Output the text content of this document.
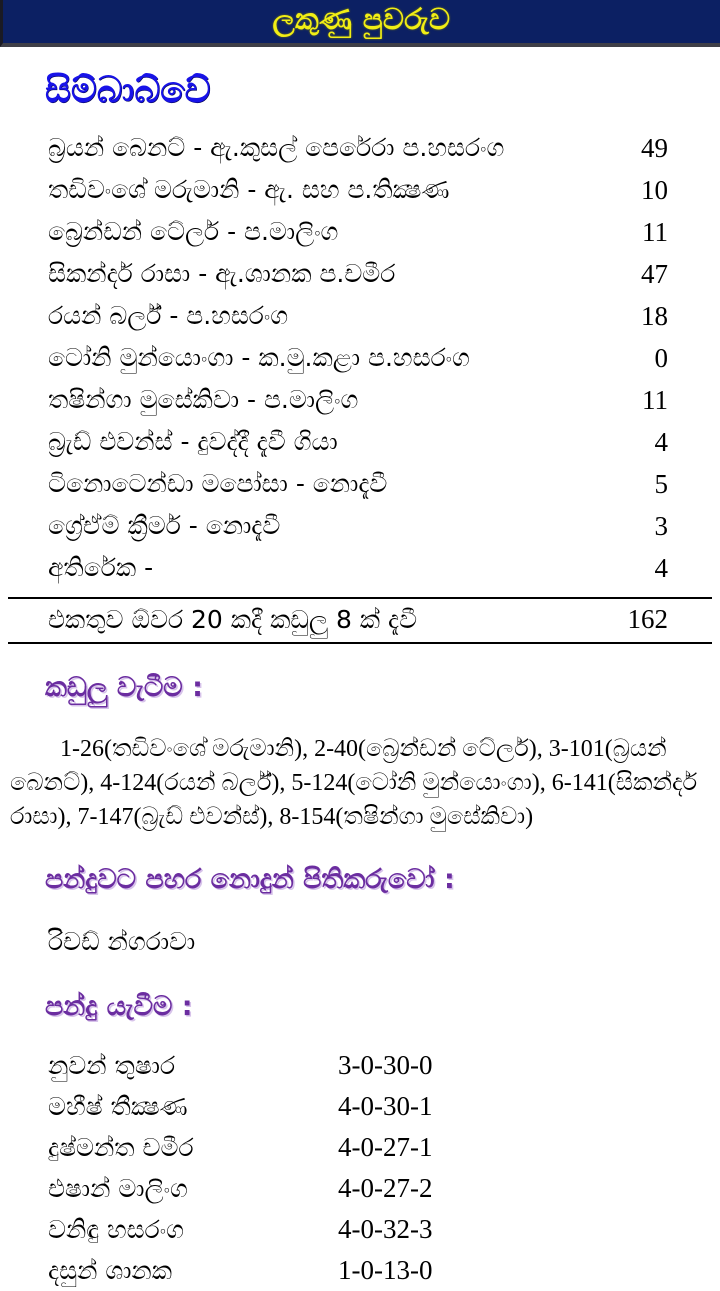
ලකුණු පුවරුව
සිම්බාබ්වේ
බ්‍රයන් බෙනට් - ඇ.කුසල් පෙරේරා ප.හසරංග	49
තඩිවංශේ මරුමානි - ඇ. සහ ප.තික්‍ෂණ	10
බ්‍රෙන්ඩන් ටේලර් - ප.මාලිංග	11
සිකන්දර් රාසා - ඇ.ශානක ප.චමීර	47
රයන් බර්ල් - ප.හසරංග	18
ටෝනි මුන්යොංගා - ක.මු.කළා ප.හසරංග	0
තෂින්ගා මුසේකිවා - ප.මාලිංග	11
බ්‍රැඩ් එවන්ස් - දුවද්දී දැවී ගියා	4
ටිනොටෙන්ඩා මපෝසා - නොදැවී	5
ග්‍රේඒම් ක්‍රීමර් - නොදැවී	3
අතිරේක -	4
එකතුව ඕවර 20 කදී කඩුලු 8 ක් දැවී	162
කඩුලු වැටීම :

1-26(තඩිවංශේ මරුමානි), 2-40(බ්‍රෙන්ඩන් ටේලර්), 3-101(බ්‍රයන් බෙනට්), 4-124(රයන් බර්ල්), 5-124(ටෝනි මුන්යොංගා), 6-141(සිකන්දර් රාසා), 7-147(බ්‍රැඩ් එවන්ස්), 8-154(තෂින්ගා මුසේකිවා)

පන්දුවට පහර නොදුන් පිතිකරුවෝ :

රිචඩ් න්ගරාවා

පන්දු යැවීම :
නුවන් තුෂාර	3-0-30-0
මහීෂ් තීක්‍ෂණ	4-0-30-1
දුෂ්මන්ත චමීර	4-0-27-1
එෂාන් මාලිංග	4-0-27-2
වනිඳු හසරංග	4-0-32-3
දසුන් ශානක	1-0-13-0
